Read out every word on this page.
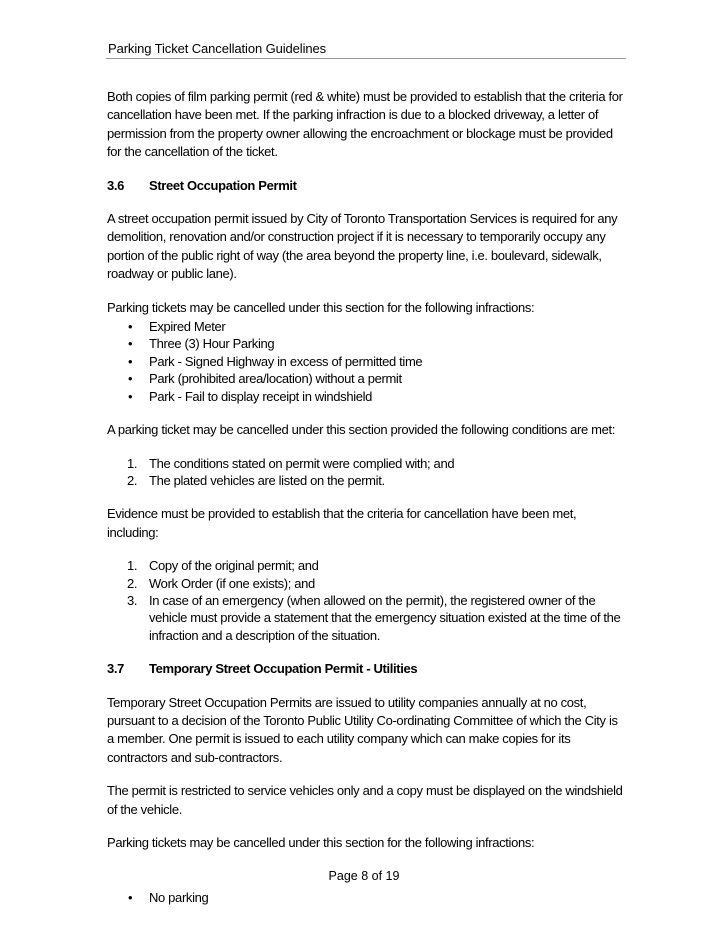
Parking Ticket Cancellation Guidelines

Both copies of film parking permit (red & white) must be provided to establish that the criteria for cancellation have been met. If the parking infraction is due to a blocked driveway, a letter of permission from the property owner allowing the encroachment or blockage must be provided for the cancellation of the ticket.

3.6	Street Occupation Permit

A street occupation permit issued by City of Toronto Transportation Services is required for any demolition, renovation and/or construction project if it is necessary to temporarily occupy any portion of the public right of way (the area beyond the property line, i.e. boulevard, sidewalk, roadway or public lane).

Parking tickets may be cancelled under this section for the following infractions:

• Expired Meter
• Three (3) Hour Parking
• Park - Signed Highway in excess of permitted time
• Park (prohibited area/location) without a permit
• Park - Fail to display receipt in windshield

A parking ticket may be cancelled under this section provided the following conditions are met:

1. The conditions stated on permit were complied with; and
2. The plated vehicles are listed on the permit.

Evidence must be provided to establish that the criteria for cancellation have been met, including:

1. Copy of the original permit; and
2. Work Order (if one exists); and
3. In case of an emergency (when allowed on the permit), the registered owner of the vehicle must provide a statement that the emergency situation existed at the time of the infraction and a description of the situation.
3.7	Temporary Street Occupation Permit - Utilities

Temporary Street Occupation Permits are issued to utility companies annually at no cost, pursuant to a decision of the Toronto Public Utility Co-ordinating Committee of which the City is a member. One permit is issued to each utility company which can make copies for its contractors and sub-contractors.

The permit is restricted to service vehicles only and a copy must be displayed on the windshield of the vehicle.

Parking tickets may be cancelled under this section for the following infractions:

• No parking
Page 8 of 19
